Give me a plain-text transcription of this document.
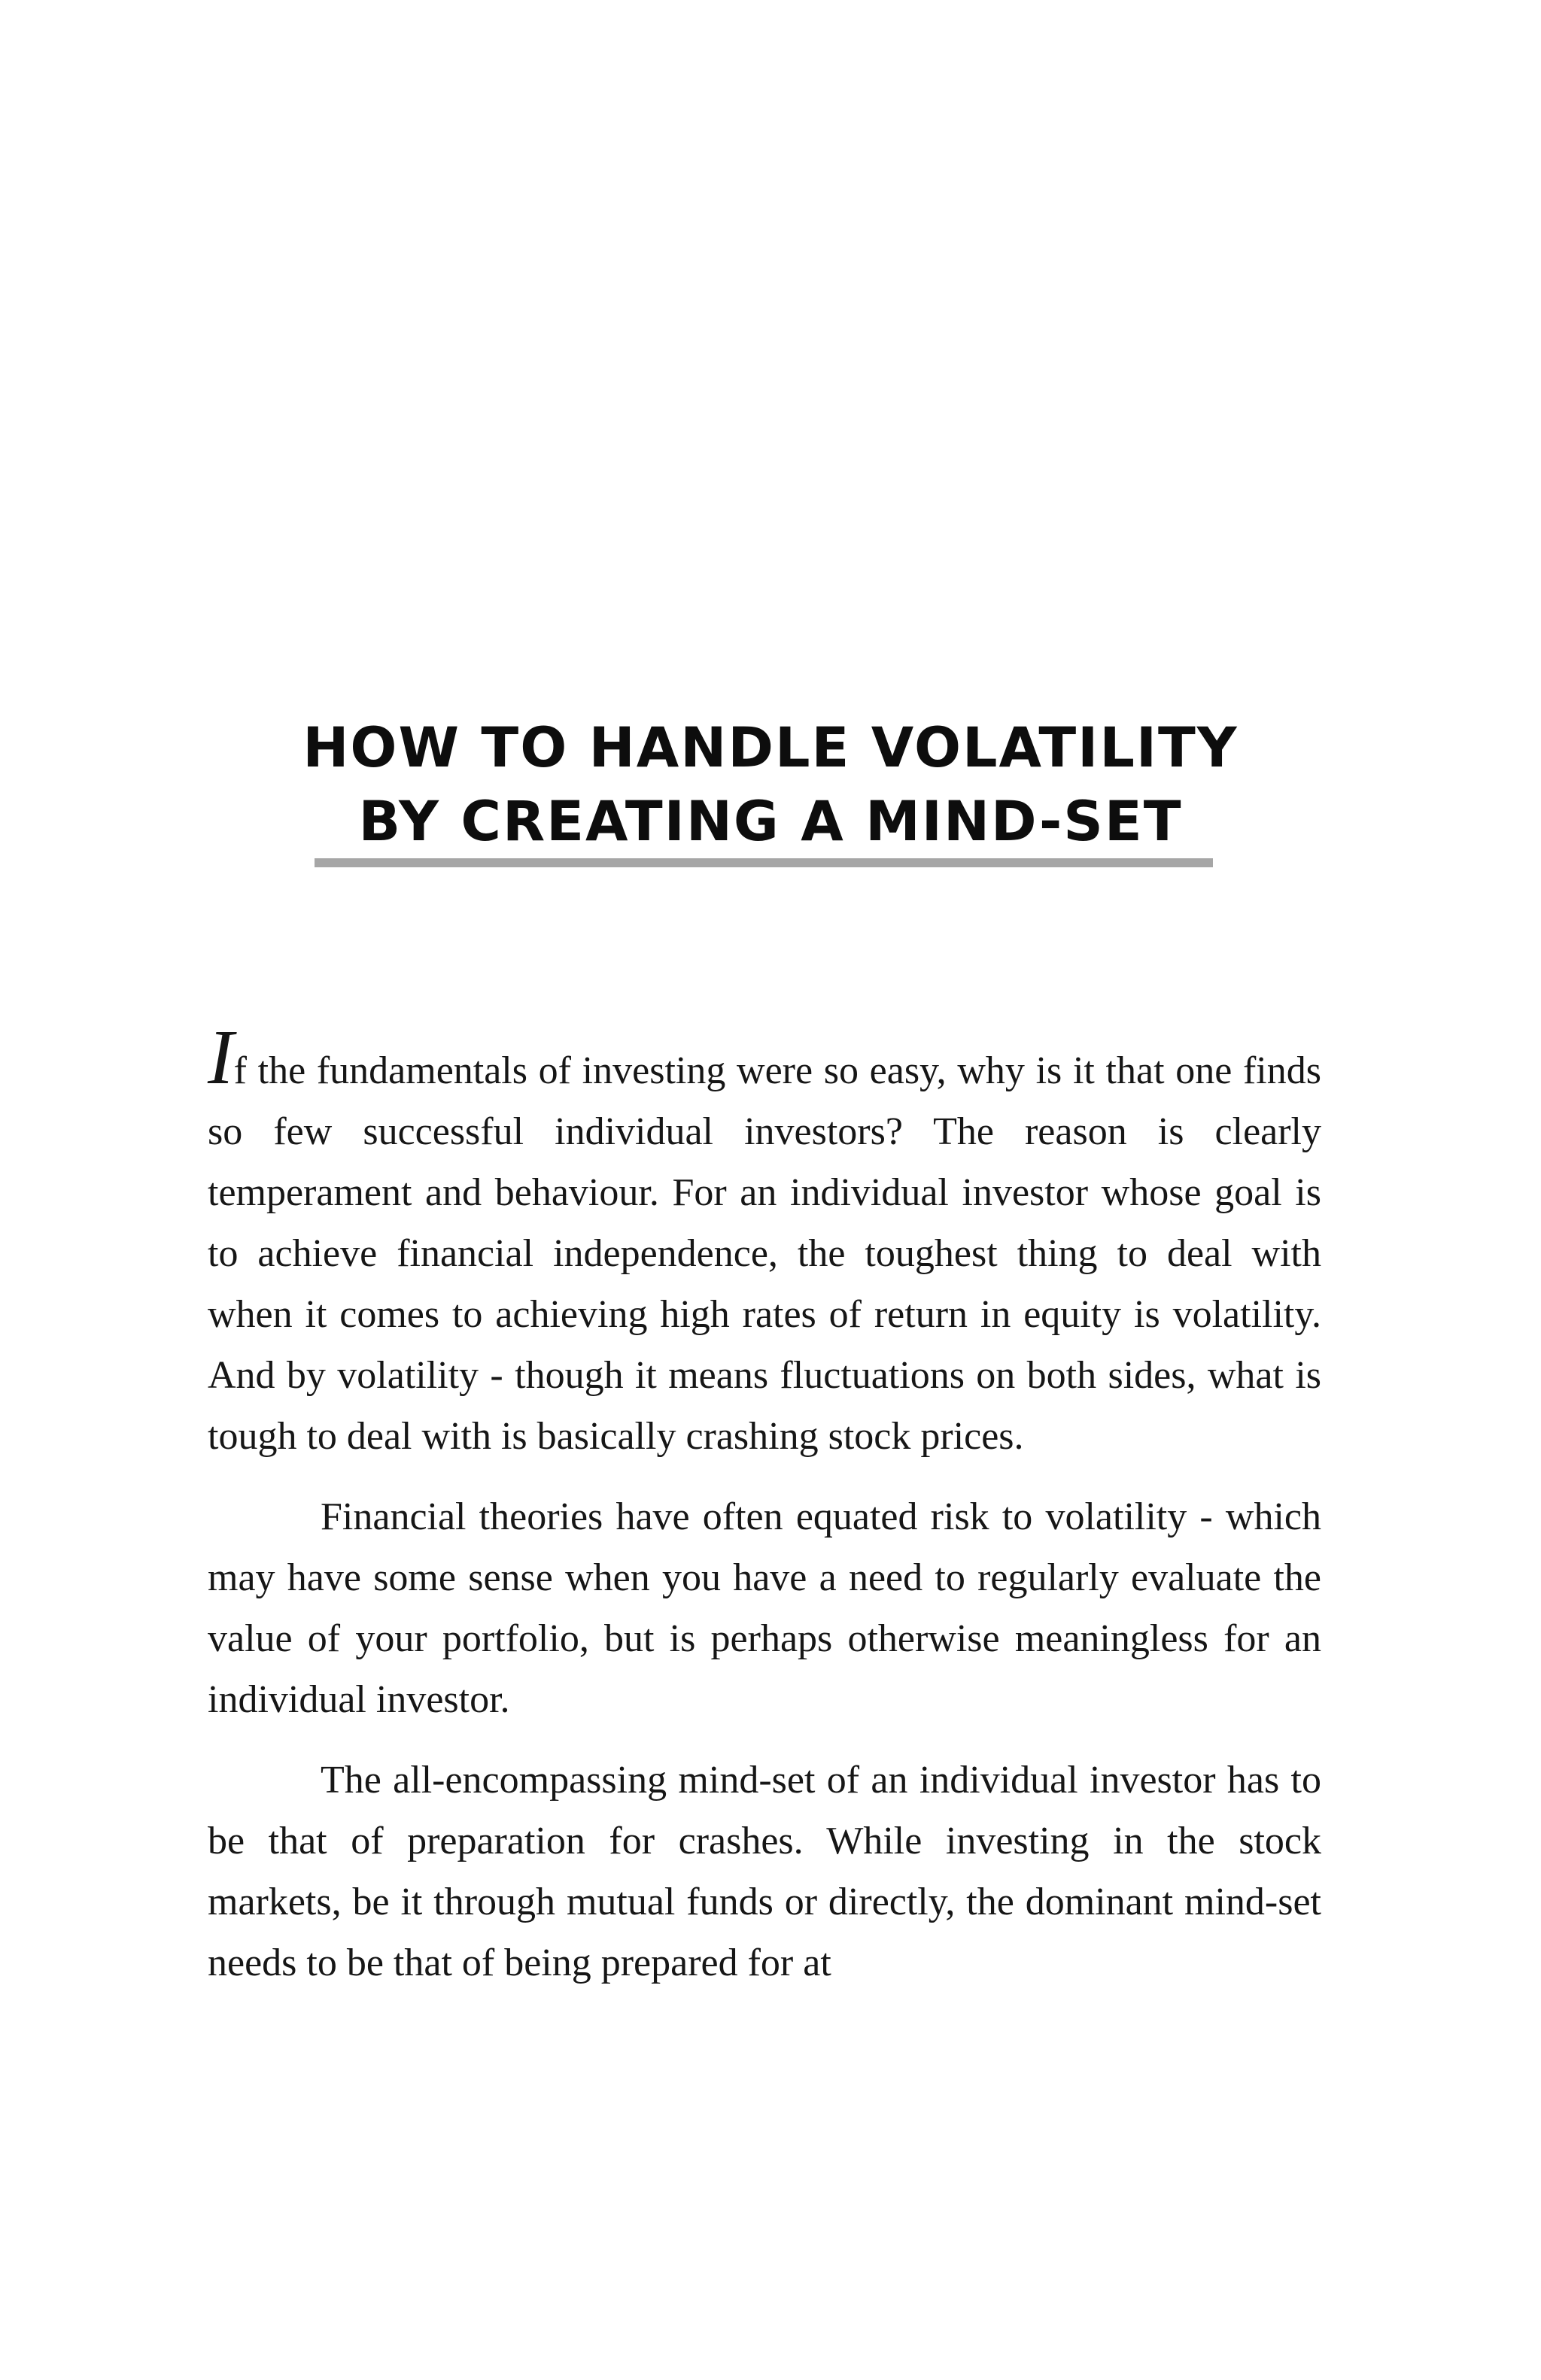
HOW TO HANDLE VOLATILITY

BY CREATING A MIND-SET

If the fundamentals of investing were so easy, why is it that one finds so few successful individual investors? The reason is clearly temperament and behaviour. For an individual investor whose goal is to achieve financial independence, the toughest thing to deal with when it comes to achieving high rates of return in equity is volatility. And by volatility - though it means fluctuations on both sides, what is tough to deal with is basically crashing stock prices.

Financial theories have often equated risk to volatility - which may have some sense when you have a need to regularly evaluate the value of your portfolio, but is perhaps otherwise meaningless for an individual investor.

The all-encompassing mind-set of an individual investor has to be that of preparation for crashes. While investing in the stock markets, be it through mutual funds or directly, the dominant mind-set needs to be that of being prepared for at
